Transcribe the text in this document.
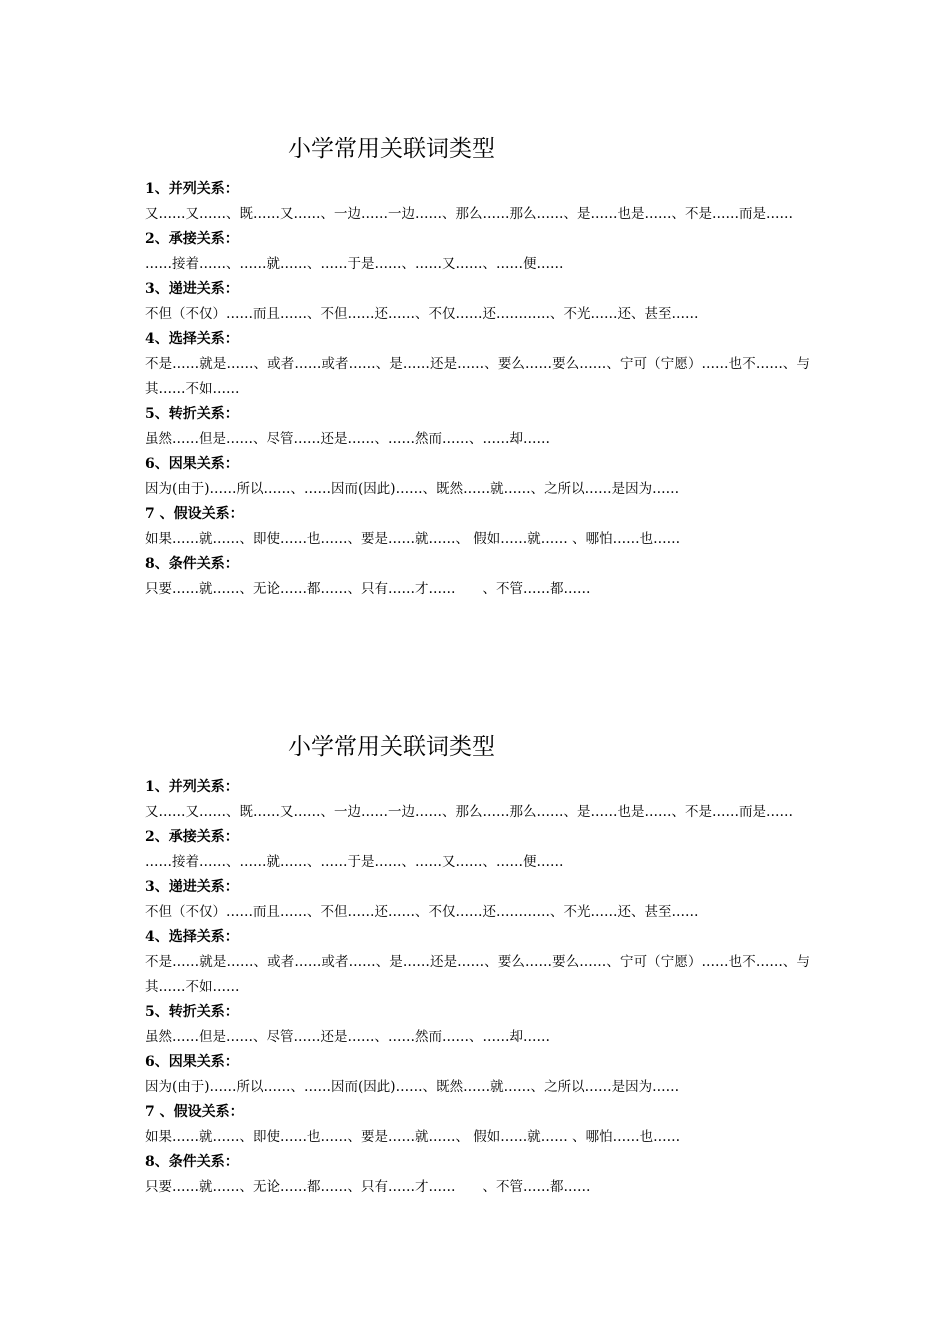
小学常用关联词类型

1、并列关系：

又……又……、既……又……、一边……一边……、那么……那么……、是……也是……、不是……而是……

2、承接关系：

……接着……、……就……、……于是……、……又……、……便……

3、递进关系：

不但（不仅）……而且……、不但……还……、不仅……还…………、不光……还、甚至……

4、选择关系：

不是……就是……、或者……或者……、是……还是……、要么……要么……、宁可（宁愿）……也不……、与其……不如……

5、转折关系：

虽然……但是……、尽管……还是……、……然而……、……却……

6、因果关系：

因为(由于)……所以……、……因而(因此)……、既然……就……、之所以……是因为……

7 、假设关系：

如果……就……、即使……也……、要是……就……、 假如……就…… 、哪怕……也……

8、条件关系：

只要……就……、无论……都……、只有……才……　　、不管……都……

小学常用关联词类型

1、并列关系：

又……又……、既……又……、一边……一边……、那么……那么……、是……也是……、不是……而是……

2、承接关系：

……接着……、……就……、……于是……、……又……、……便……

3、递进关系：

不但（不仅）……而且……、不但……还……、不仅……还…………、不光……还、甚至……

4、选择关系：

不是……就是……、或者……或者……、是……还是……、要么……要么……、宁可（宁愿）……也不……、与其……不如……

5、转折关系：

虽然……但是……、尽管……还是……、……然而……、……却……

6、因果关系：

因为(由于)……所以……、……因而(因此)……、既然……就……、之所以……是因为……

7 、假设关系：

如果……就……、即使……也……、要是……就……、 假如……就…… 、哪怕……也……

8、条件关系：

只要……就……、无论……都……、只有……才……　　、不管……都……
